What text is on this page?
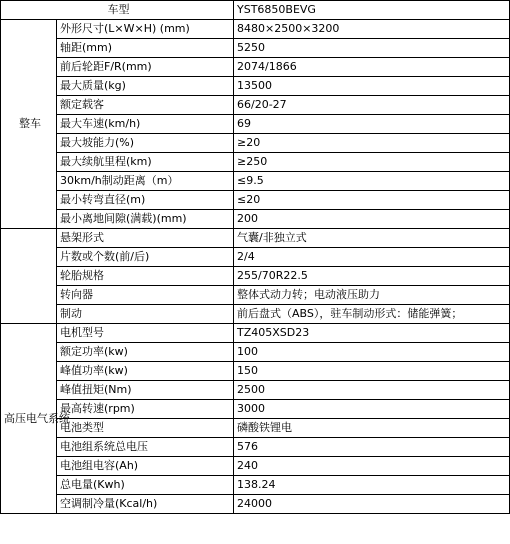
车型		YST6850BEVG
整车	外形尺寸(L×W×H) (mm)	8480×2500×3200
	轴距(mm)	5250
	前后轮距F/R(mm)	2074/1866
	最大质量(kg)	13500
	额定载客	66/20-27
	最大车速(km/h)	69
	最大坡能力(%)	≥20
	最大续航里程(km)	≥250
	30km/h制动距离（m）	≤9.5
	最小转弯直径(m)	≤20
	最小离地间隙(满载)(mm)	200
	悬架形式	气囊/非独立式
	片数或个数(前/后)	2/4
	轮胎规格	255/70R22.5
	转向器	整体式动力转；电动液压助力
	制动	前后盘式（ABS），驻车制动形式：储能弹簧；
高压电气系统	电机型号	TZ405XSD23
	额定功率(kw)	100
	峰值功率(kw)	150
	峰值扭矩(Nm)	2500
	最高转速(rpm)	3000
	电池类型	磷酸铁锂电
	电池组系统总电压	576
	电池组电容(Ah)	240
	总电量(Kwh)	138.24
	空调制冷量(Kcal/h)	24000
